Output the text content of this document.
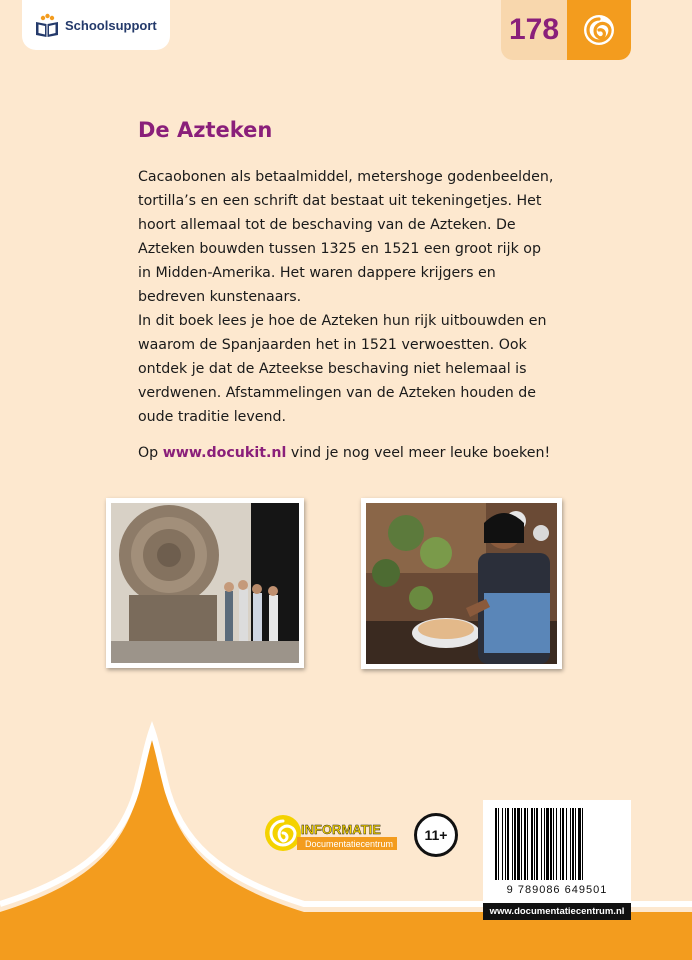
Schoolsupport	178
De Azteken

Cacaobonen als betaalmiddel, metershoge godenbeelden, tortilla’s en een schrift dat bestaat uit tekeningetjes. Het hoort allemaal tot de beschaving van de Azteken. De Azteken bouwden tussen 1325 en 1521 een groot rijk op in Midden-Amerika. Het waren dappere krijgers en bedreven kunstenaars.

In dit boek lees je hoe de Azteken hun rijk uitbouwden en waarom de Spanjaarden het in 1521 verwoestten. Ook ontdek je dat de Azteekse beschaving niet helemaal is verdwenen. Afstammelingen van de Azteken houden de oude traditie levend.

Op www.docukit.nl vind je nog veel meer leuke boeken!
INFORMATIE
Documentatiecentrum
11+
9 789086 649501
www.documentatiecentrum.nl
